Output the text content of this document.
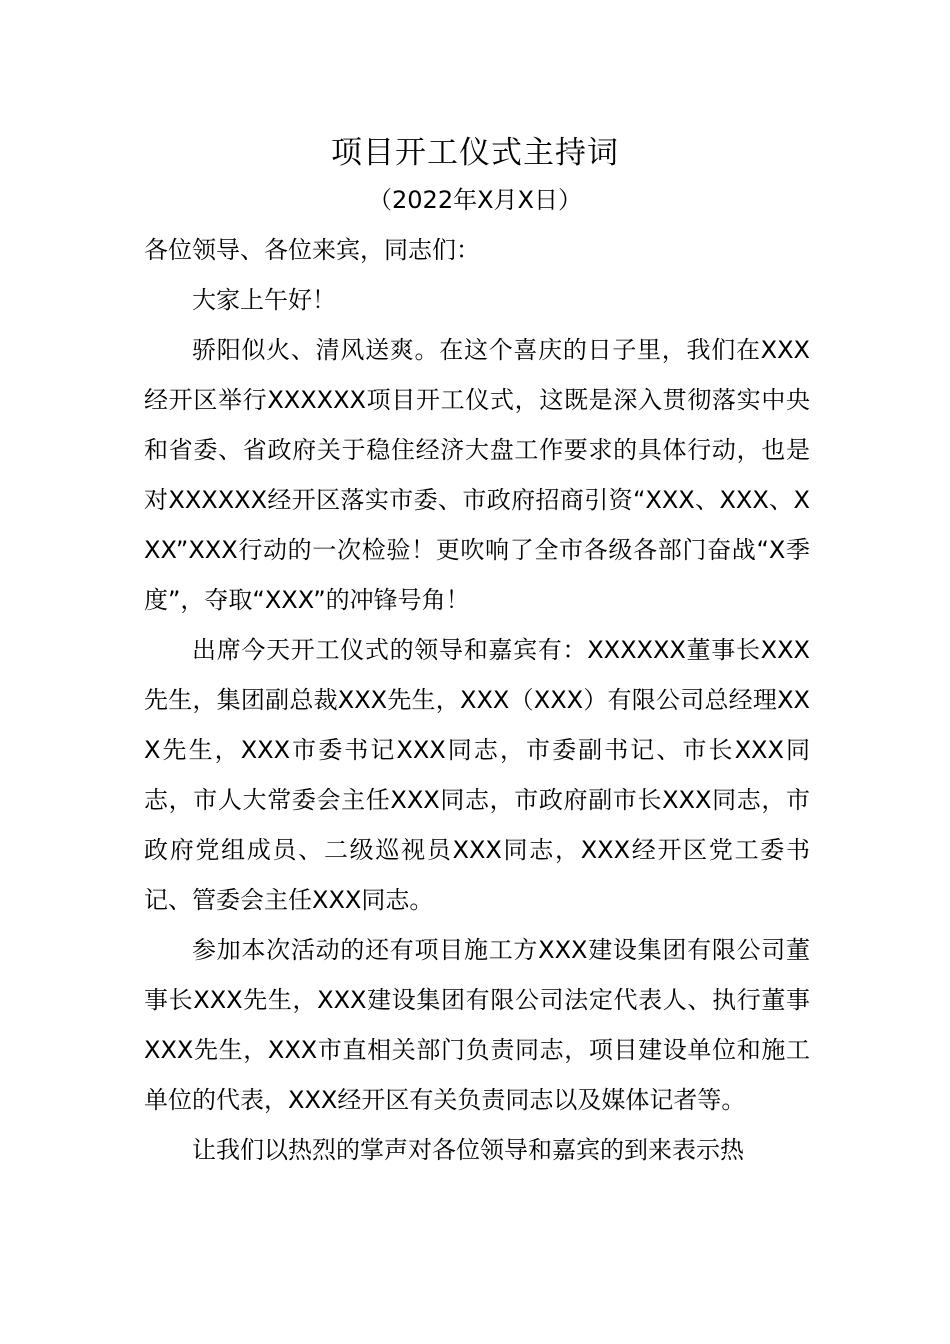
项目开工仪式主持词
（2022年X月X日）

各位领导、各位来宾，同志们：

大家上午好！

骄阳似火、清风送爽。在这个喜庆的日子里，我们在XXX经开区举行XXXXXX项目开工仪式，这既是深入贯彻落实中央和省委、省政府关于稳住经济大盘工作要求的具体行动，也是对XXXXXX经开区落实市委、市政府招商引资“XXX、XXX、XXX”XXX行动的一次检验！更吹响了全市各级各部门奋战“X季度”，夺取“XXX”的冲锋号角！

出席今天开工仪式的领导和嘉宾有：XXXXXX董事长XXX先生，集团副总裁XXX先生，XXX（XXX）有限公司总经理XXX先生，XXX市委书记XXX同志，市委副书记、市长XXX同志，市人大常委会主任XXX同志，市政府副市长XXX同志，市政府党组成员、二级巡视员XXX同志，XXX经开区党工委书记、管委会主任XXX同志。

参加本次活动的还有项目施工方XXX建设集团有限公司董事长XXX先生，XXX建设集团有限公司法定代表人、执行董事XXX先生，XXX市直相关部门负责同志，项目建设单位和施工单位的代表，XXX经开区有关负责同志以及媒体记者等。

让我们以热烈的掌声对各位领导和嘉宾的到来表示热
